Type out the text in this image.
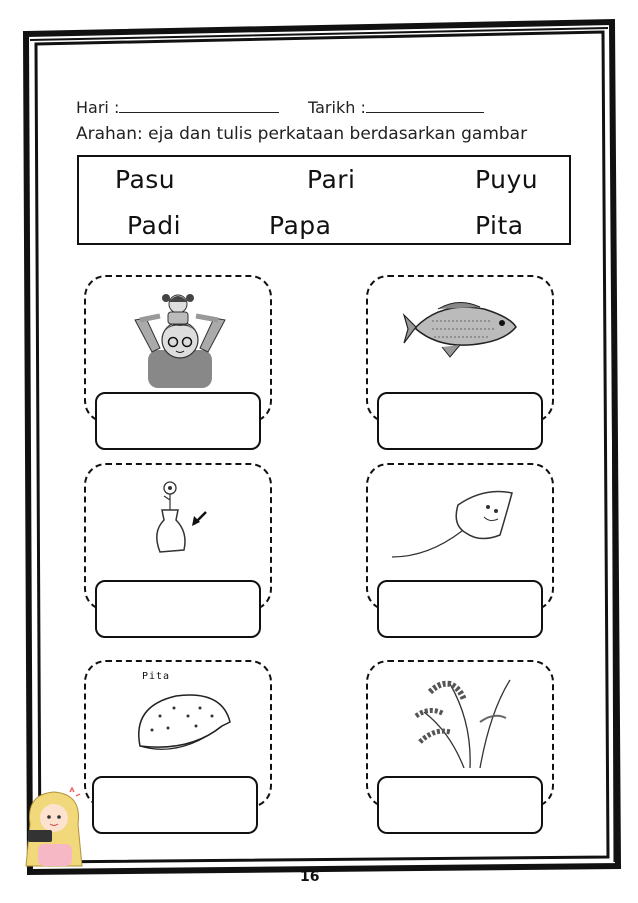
Hari :	Tarikh :
Arahan: eja dan tulis perkataan berdasarkan gambar
Pasu	Pari	Puyu
Padi	Papa	Pita
Pita
16
